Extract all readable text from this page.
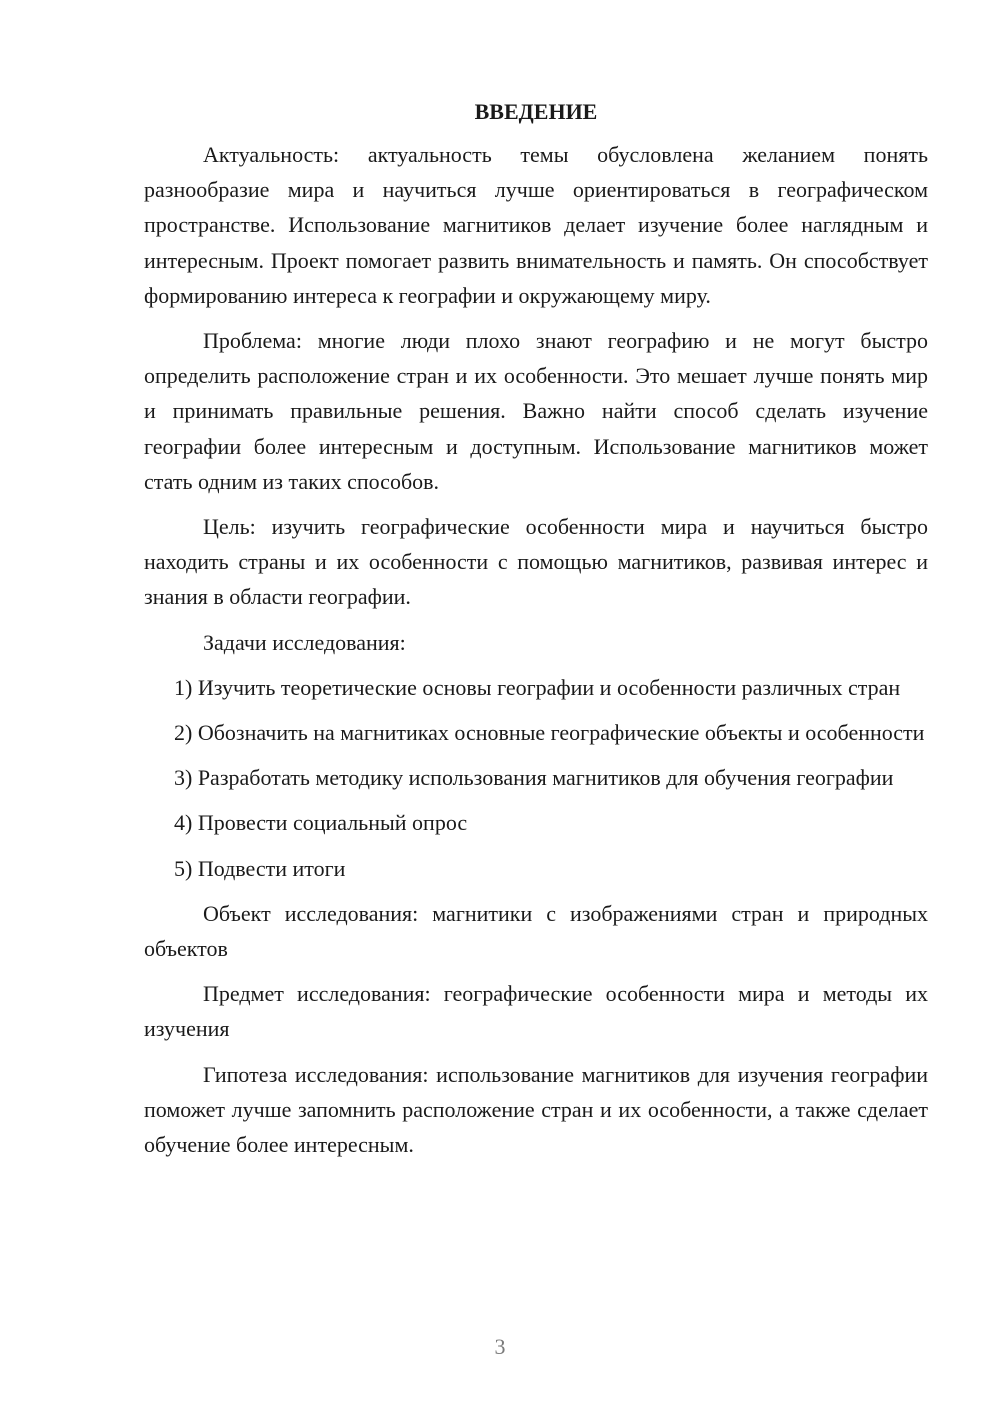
ВВЕДЕНИЕ

Актуальность: актуальность темы обусловлена желанием понять разнообразие мира и научиться лучше ориентироваться в географическом пространстве. Использование магнитиков делает изучение более наглядным и интересным. Проект помогает развить внимательность и память. Он способствует формированию интереса к географии и окружающему миру.

Проблема: многие люди плохо знают географию и не могут быстро определить расположение стран и их особенности. Это мешает лучше понять мир и принимать правильные решения. Важно найти способ сделать изучение географии более интересным и доступным. Использование магнитиков может стать одним из таких способов.

Цель: изучить географические особенности мира и научиться быстро находить страны и их особенности с помощью магнитиков, развивая интерес и знания в области географии.

Задачи исследования:

1) Изучить теоретические основы географии и особенности различных стран

2) Обозначить на магнитиках основные географические объекты и особенности

3) Разработать методику использования магнитиков для обучения географии

4) Провести социальный опрос

5) Подвести итоги

Объект исследования: магнитики с изображениями стран и природных объектов

Предмет исследования: географические особенности мира и методы их изучения

Гипотеза исследования: использование магнитиков для изучения географии поможет лучше запомнить расположение стран и их особенности, а также сделает обучение более интересным.

3
